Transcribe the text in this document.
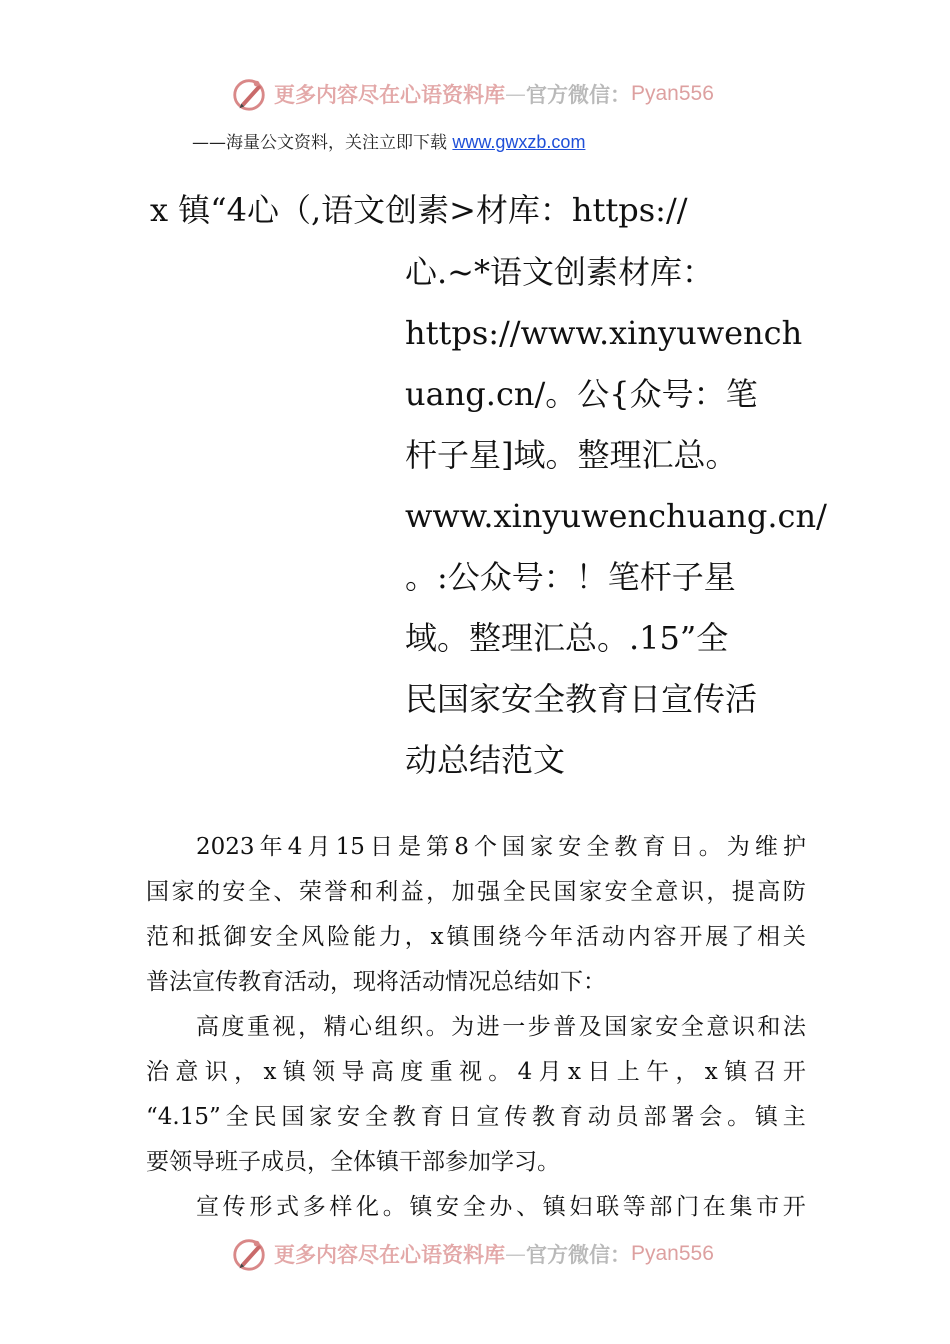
更多内容尽在心语资料库 — 官方微信： Pyan556
——海量公文资料，关注立即下载 www.gwxzb.com
x 镇“4心（,语文创素>材库：https://
心.~*语文创素材库：
https://www.xinyuwench
uang.cn/。公{众号：笔
杆子星]域。整理汇总。
www.xinyuwenchuang.cn/
。:公众号：！笔杆子星
域。整理汇总。.15”全
民国家安全教育日宣传活
动总结范文
2023 年 4 月 15 日 是 第 8 个 国 家 安 全 教 育 日 。 为 维 护
国 家 的 安 全 、 荣 誉 和 利 益 ， 加 强 全 民 国 家 安 全 意 识 ， 提 高 防
范 和 抵 御 安 全 风 险 能 力 ， x 镇 围 绕 今 年 活 动 内 容 开 展 了 相 关
普法宣传教育活动，现将活动情况总结如下：
高 度 重 视 ， 精 心 组 织 。 为 进 一 步 普 及 国 家 安 全 意 识 和 法
治 意 识 ， x 镇 领 导 高 度 重 视 。 4 月 x 日 上 午 ， x 镇 召 开
“4.15” 全 民 国 家 安 全 教 育 日 宣 传 教 育 动 员 部 署 会 。 镇 主
要领导班子成员，全体镇干部参加学习。
宣 传 形 式 多 样 化 。 镇 安 全 办 、 镇 妇 联 等 部 门 在 集 市 开
更多内容尽在心语资料库 — 官方微信： Pyan556
